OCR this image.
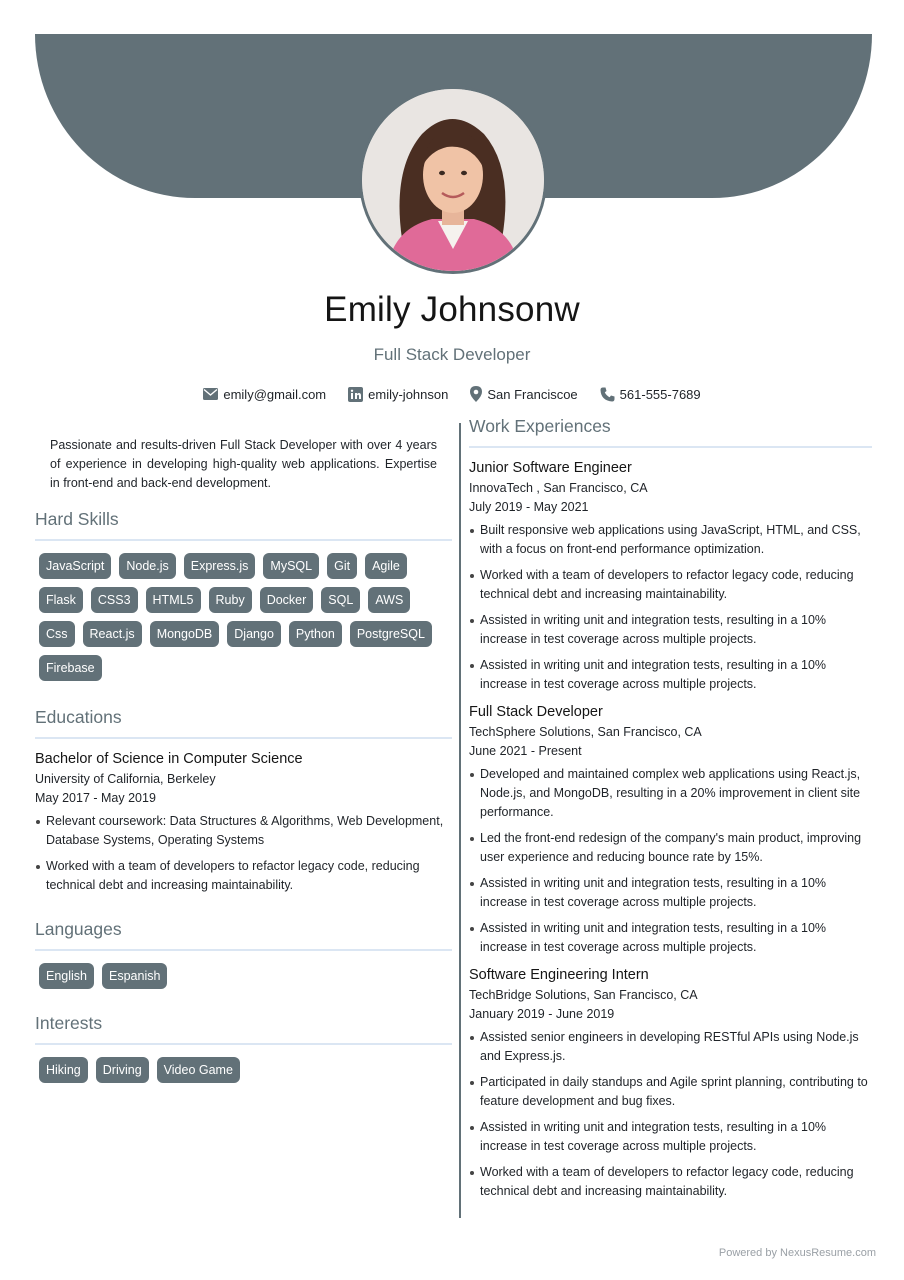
Emily Johnsonw
Full Stack Developer
emily@gmail.com	emily-johnson	San Franciscoe	561-555-7689

Passionate and results-driven Full Stack Developer with over 4 years of experience in developing high-quality web applications. Expertise in front-end and back-end development.

Hard Skills
JavaScript	Node.js	Express.js	MySQL	Git	Agile
Flask	CSS3	HTML5	Ruby	Docker	SQL	AWS
Css	React.js	MongoDB	Django	Python	PostgreSQL
Firebase
Educations
Bachelor of Science in Computer Science
University of California, Berkeley
May 2017 - May 2019
Relevant coursework: Data Structures & Algorithms, Web Development, Database Systems, Operating Systems
Worked with a team of developers to refactor legacy code, reducing technical debt and increasing maintainability.
Languages
English	Espanish
Interests
Hiking	Driving	Video Game
Work Experiences
Junior Software Engineer
InnovaTech , San Francisco, CA
July 2019 - May 2021
Built responsive web applications using JavaScript, HTML, and CSS, with a focus on front-end performance optimization.
Worked with a team of developers to refactor legacy code, reducing technical debt and increasing maintainability.
Assisted in writing unit and integration tests, resulting in a 10% increase in test coverage across multiple projects.
Assisted in writing unit and integration tests, resulting in a 10% increase in test coverage across multiple projects.
Full Stack Developer
TechSphere Solutions, San Francisco, CA
June 2021 - Present
Developed and maintained complex web applications using React.js, Node.js, and MongoDB, resulting in a 20% improvement in client site performance.
Led the front-end redesign of the company's main product, improving user experience and reducing bounce rate by 15%.
Assisted in writing unit and integration tests, resulting in a 10% increase in test coverage across multiple projects.
Assisted in writing unit and integration tests, resulting in a 10% increase in test coverage across multiple projects.
Software Engineering Intern
TechBridge Solutions, San Francisco, CA
January 2019 - June 2019
Assisted senior engineers in developing RESTful APIs using Node.js and Express.js.
Participated in daily standups and Agile sprint planning, contributing to feature development and bug fixes.
Assisted in writing unit and integration tests, resulting in a 10% increase in test coverage across multiple projects.
Worked with a team of developers to refactor legacy code, reducing technical debt and increasing maintainability.
Powered by NexusResume.com
